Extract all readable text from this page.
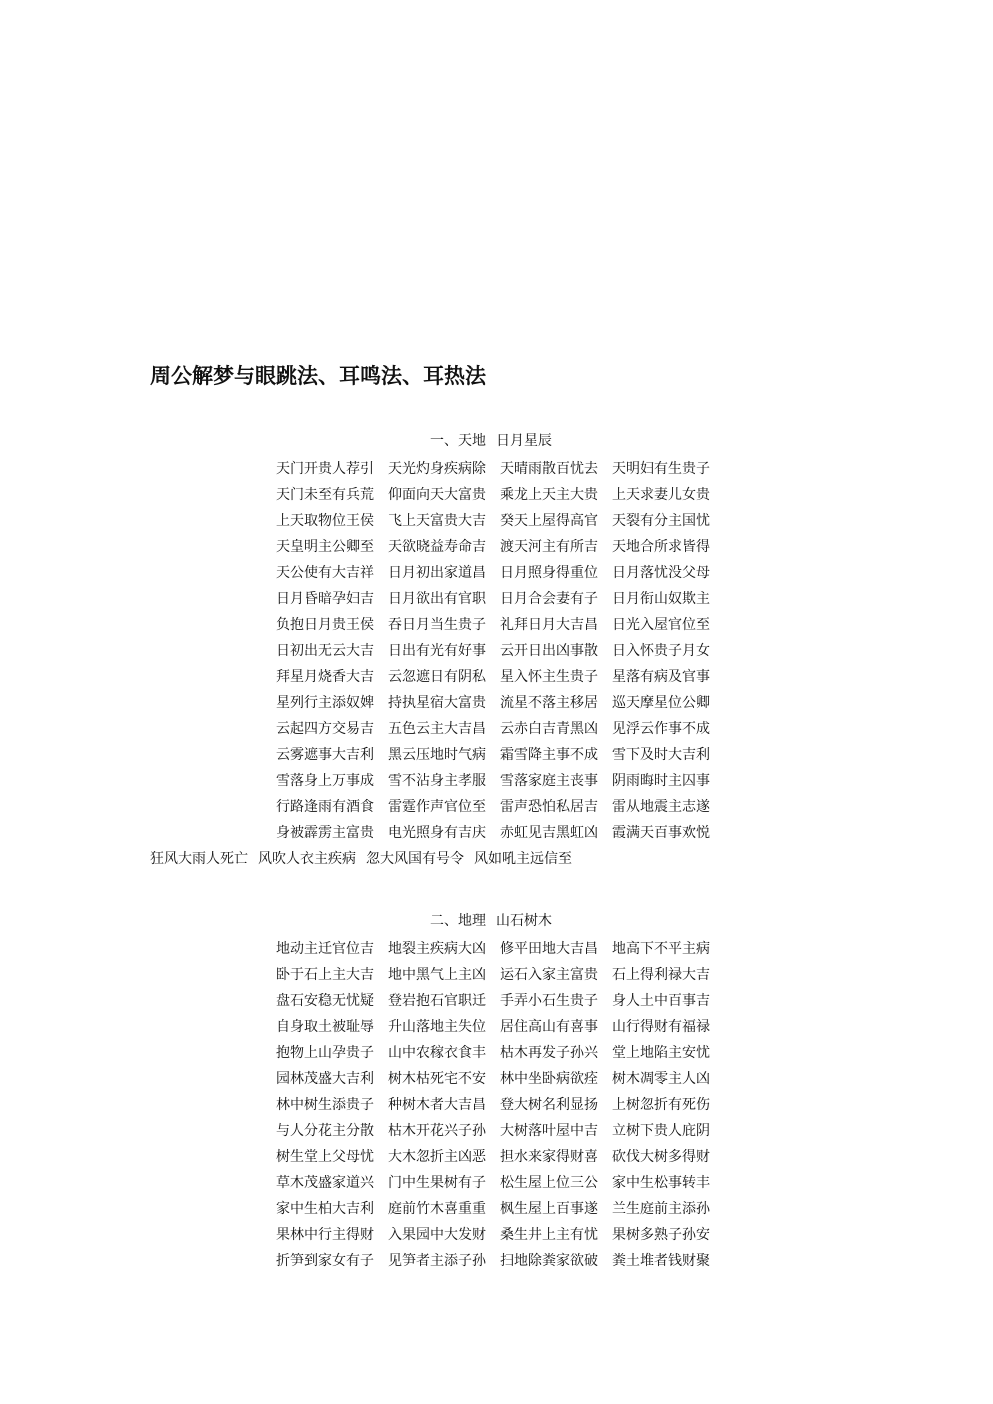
周公解梦与眼跳法、耳鸣法、耳热法
一、天地 日月星辰
天门开贵人荐引 天光灼身疾病除 天晴雨散百忧去 天明妇有生贵子
天门未至有兵荒 仰面向天大富贵 乘龙上天主大贵 上天求妻儿女贵
上天取物位王侯 飞上天富贵大吉 癸天上屋得高官 天裂有分主国忧
天皇明主公卿至 天欲晓益寿命吉 渡天河主有所吉 天地合所求皆得
天公使有大吉祥 日月初出家道昌 日月照身得重位 日月落忧没父母
日月昏暗孕妇吉 日月欲出有官职 日月合会妻有子 日月衔山奴欺主
负抱日月贵王侯 吞日月当生贵子 礼拜日月大吉昌 日光入屋官位至
日初出无云大吉 日出有光有好事 云开日出凶事散 日入怀贵子月女
拜星月烧香大吉 云忽遮日有阴私 星入怀主生贵子 星落有病及官事
星列行主添奴婢 持执星宿大富贵 流星不落主移居 巡天摩星位公卿
云起四方交易吉 五色云主大吉昌 云赤白吉青黑凶 见浮云作事不成
云雾遮事大吉利 黑云压地时气病 霜雪降主事不成 雪下及时大吉利
雪落身上万事成 雪不沾身主孝服 雪落家庭主丧事 阴雨晦时主囚事
行路逢雨有酒食 雷霆作声官位至 雷声恐怕私居吉 雷从地震主志遂
身被霹雳主富贵 电光照身有吉庆 赤虹见吉黑虹凶 霞满天百事欢悦
狂风大雨人死亡 风吹人衣主疾病 忽大风国有号令 风如吼主远信至
二、地理 山石树木
地动主迁官位吉 地裂主疾病大凶 修平田地大吉昌 地高下不平主病
卧于石上主大吉 地中黑气上主凶 运石入家主富贵 石上得利禄大吉
盘石安稳无忧疑 登岩抱石官职迁 手弄小石生贵子 身人土中百事吉
自身取土被耻辱 升山落地主失位 居住高山有喜事 山行得财有福禄
抱物上山孕贵子 山中农稼衣食丰 枯木再发子孙兴 堂上地陷主安忧
园林茂盛大吉利 树木枯死宅不安 林中坐卧病欲痊 树木凋零主人凶
林中树生添贵子 种树木者大吉昌 登大树名利显扬 上树忽折有死伤
与人分花主分散 枯木开花兴子孙 大树落叶屋中吉 立树下贵人庇阴
树生堂上父母忧 大木忽折主凶恶 担水来家得财喜 砍伐大树多得财
草木茂盛家道兴 门中生果树有子 松生屋上位三公 家中生松事转丰
家中生柏大吉利 庭前竹木喜重重 枫生屋上百事遂 兰生庭前主添孙
果林中行主得财 入果园中大发财 桑生井上主有忧 果树多熟子孙安
折笋到家女有子 见笋者主添子孙 扫地除粪家欲破 粪土堆者钱财聚
